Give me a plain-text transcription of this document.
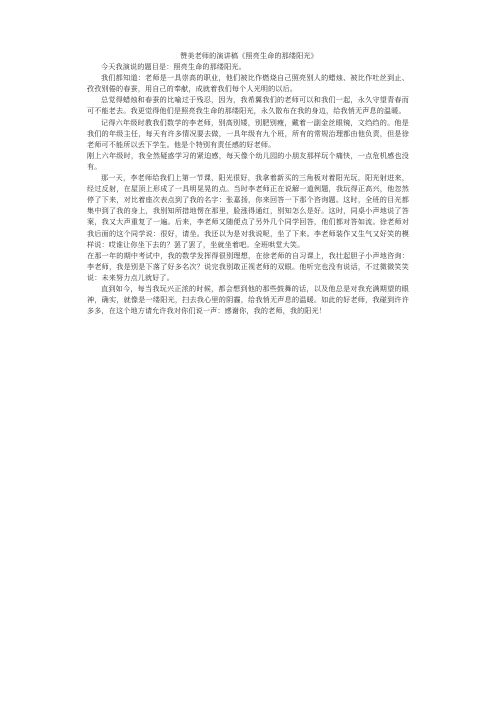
赞美老师的演讲稿《照亮生命的那缕阳光》

今天我演说的题目是：照亮生命的那缕阳光。

我们都知道：老师是一具崇高的职业，他们被比作燃烧自己照亮别人的蜡烛、被比作吐丝到止、孜孜别倦的春蚕，用自己的奉献，成就着我们每个人光明的以后。

总觉得蜡烛和春蚕的比喻过于残忍，因为，我希翼我们的老师可以和我们一起，永久守望青春而可不能老去。我更觉得他们是照亮我生命的那缕阳光，永久散布在我的身边，给我悄无声息的温暖。

记得六年级时教我们数学的李老师，别高别矮，别肥别瘦，戴着一副金丝眼镜，文绉绉的。他是我们的年级主任，每天有许多情况要去做，一具年级有九个班，所有的常规治理都由他负责，但是徐老师可不能所以丢下学生。他是个特别有责任感的好老师。

刚上六年级时，我全然疑惑学习的紧迫感，每天像个幼儿园的小朋友那样玩个痛快，一点危机感也没有。

那一天，李老师给我们上第一节课，阳光很好，我拿着新买的三角板对着阳光玩，阳光射进来，经过反射，在屋顶上形成了一具明晃晃的点。当时李老师正在说解一道例题，我玩得正高兴，他忽然停了下来，对比着座次表点到了我的名字：张嘉扬，你来回答一下那个咨询题。这时，全班的目光都集中到了我的身上，我别知所措地愣在那里，脸涨得通红，别知怎么是好。这时，同桌小声地说了答案，我又大声重复了一遍。后来，李老师又随便点了另外几个同学回答，他们都对答如流。徐老师对我后面的这个同学说：很好，请坐。我还以为是对我说呢，坐了下来。李老师装作又生气又好笑的模样说：哎谁让你坐下去的？罢了罢了，坐就坐着吧。全班哄堂大笑。

在那一年的期中考试中，我的数学发挥得很别理想，在徐老师的自习课上，我壮起胆子小声地咨询：李老师，我是别是下落了好多名次？说完我别敢正视老师的双眼。他听完也没有说话，不过微微笑笑说：未来努力点儿就好了。

直到如今，每当我玩兴正浓的时候，都会想到他的那些鼓舞的话，以及他总是对我充满期望的眼神，确实，就像是一缕阳光，扫去我心里的阴霾，给我悄无声息的温暖。如此的好老师，我碰到许许多多，在这个地方请允许我对你们说一声：感谢你，我的老师，我的阳光！
